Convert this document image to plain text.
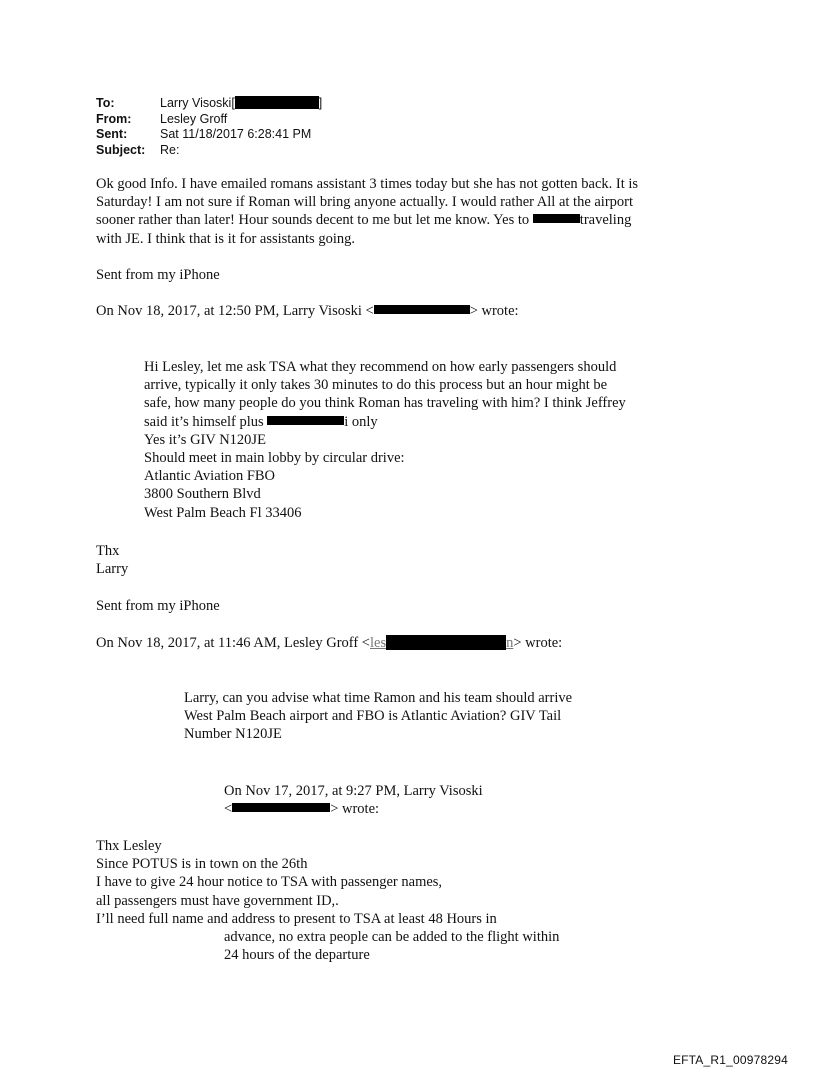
To:	Larry Visoski[	]
From:	Lesley Groff
Sent:	Sat 11/18/2017 6:28:41 PM
Subject:	Re:
Ok good Info. I have emailed romans assistant 3 times today but she has not gotten back. It is
Saturday! I am not sure if Roman will bring anyone actually. I would rather All at the airport
sooner rather than later! Hour sounds decent to me but let me know. Yes to	traveling
with JE. I think that is it for assistants going.
Sent from my iPhone
On Nov 18, 2017, at 12:50 PM, Larry Visoski <	> wrote:
Hi Lesley, let me ask TSA what they recommend on how early passengers should
arrive, typically it only takes 30 minutes to do this process but an hour might be
safe, how many people do you think Roman has traveling with him? I think Jeffrey
said it’s himself plus	i only
Yes it’s GIV N120JE
Should meet in main lobby by circular drive:
Atlantic Aviation FBO
3800 Southern Blvd
West Palm Beach Fl 33406
Thx
Larry
Sent from my iPhone
On Nov 18, 2017, at 11:46 AM, Lesley Groff <les	n> wrote:
Larry, can you advise what time Ramon and his team should arrive
West Palm Beach airport and FBO is Atlantic Aviation? GIV Tail
Number N120JE
On Nov 17, 2017, at 9:27 PM, Larry Visoski
<	> wrote:
Thx Lesley
Since POTUS is in town on the 26th
I have to give 24 hour notice to TSA with passenger names,
all passengers must have government ID,.
I’ll need full name and address to present to TSA at least 48 Hours in
advance, no extra people can be added to the flight within
24 hours of the departure
EFTA_R1_00978294
